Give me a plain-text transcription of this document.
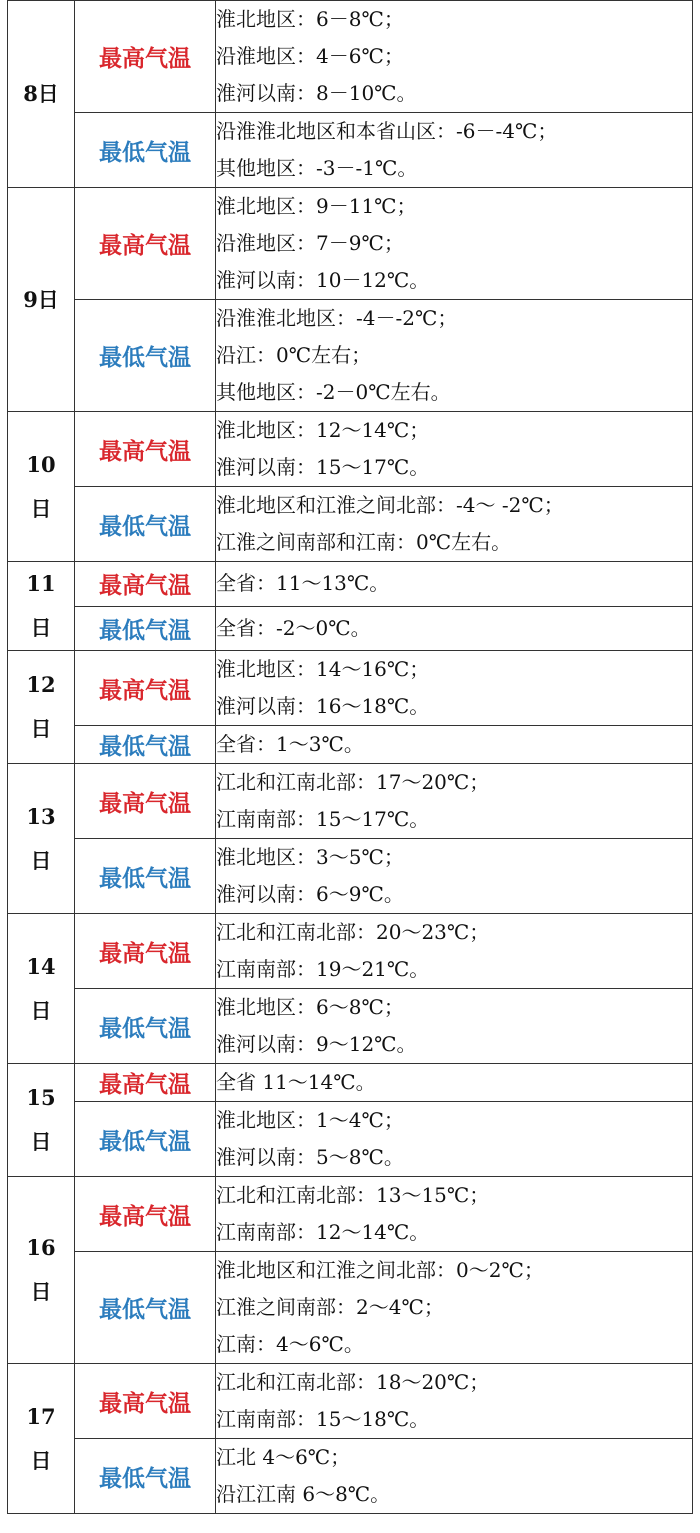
8日	最高气温	淮北地区：6－8℃；
沿淮地区：4－6℃；
淮河以南：8－10℃。

	最低气温	沿淮淮北地区和本省山区：-6－-4℃；
其他地区：-3－-1℃。

9日	最高气温	淮北地区：9－11℃；
沿淮地区：7－9℃；
淮河以南：10－12℃。

	最低气温	沿淮淮北地区：-4－-2℃；
沿江：0℃左右；
其他地区：-2－0℃左右。

10
日	最高气温	淮北地区：12～14℃；
淮河以南：15～17℃。

	最低气温	淮北地区和江淮之间北部：-4～ -2℃；
江淮之间南部和江南：0℃左右。

11
日	最高气温	全省：11～13℃。

	最低气温	全省：-2～0℃。

12
日	最高气温	淮北地区：14～16℃；
淮河以南：16～18℃。

	最低气温	全省：1～3℃。

13
日	最高气温	江北和江南北部：17～20℃；
江南南部：15～17℃。

	最低气温	淮北地区：3～5℃；
淮河以南：6～9℃。

14
日	最高气温	江北和江南北部：20～23℃；
江南南部：19～21℃。

	最低气温	淮北地区：6～8℃；
淮河以南：9～12℃。

15
日	最高气温	全省 11～14℃。

	最低气温	淮北地区：1～4℃；
淮河以南：5～8℃。

16
日	最高气温	江北和江南北部：13～15℃；
江南南部：12～14℃。

	最低气温	淮北地区和江淮之间北部：0～2℃；
江淮之间南部：2～4℃；
江南：4～6℃。

17
日	最高气温	江北和江南北部：18～20℃；
江南南部：15～18℃。

	最低气温	江北 4～6℃；
沿江江南 6～8℃。
